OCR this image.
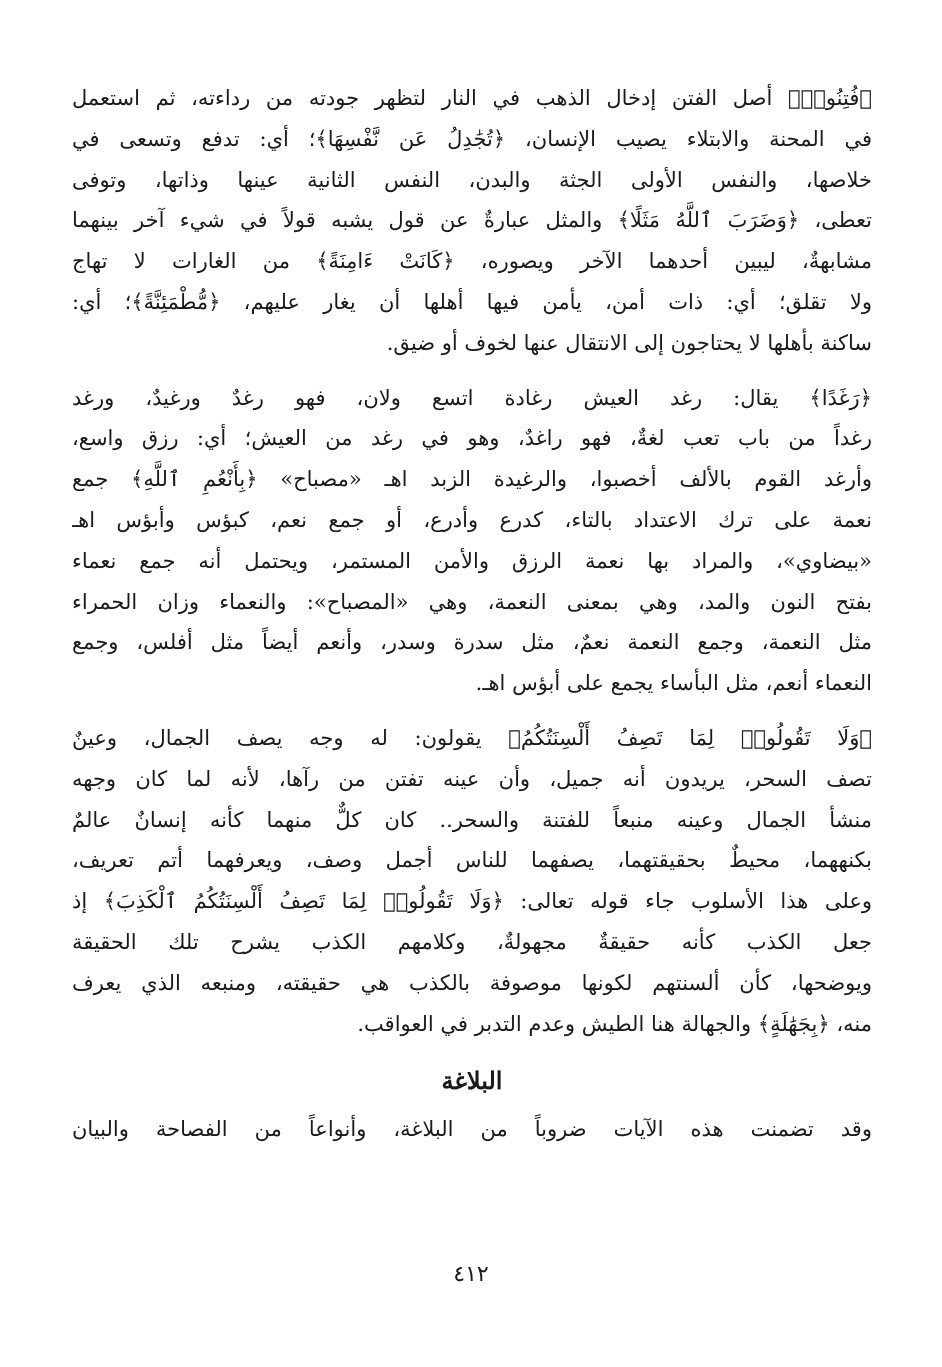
﴿فُتِنُوا۟﴾ أصل الفتن إدخال الذهب في النار لتظهر جودته من رداءته، ثم استعمل
في المحنة والابتلاء يصيب الإنسان، ﴿تُجَٰدِلُ عَن نَّفْسِهَا﴾؛ أي: تدفع وتسعى في
خلاصها، والنفس الأولى الجثة والبدن، النفس الثانية عينها وذاتها، وتوفى
تعطى، ﴿وَضَرَبَ ٱللَّهُ مَثَلًا﴾ والمثل عبارةٌ عن قول يشبه قولاً في شيء آخر بينهما
مشابهةٌ، ليبين أحدهما الآخر ويصوره، ﴿كَانَتْ ءَامِنَةً﴾ من الغارات لا تهاج
ولا تقلق؛ أي: ذات أمن، يأمن فيها أهلها أن يغار عليهم، ﴿مُّطْمَئِنَّةً﴾؛ أي:
ساكنة بأهلها لا يحتاجون إلى الانتقال عنها لخوف أو ضيق.
﴿رَغَدًا﴾ يقال: رغد العيش رغادة اتسع ولان، فهو رغدٌ ورغيدٌ، ورغد
رغداً من باب تعب لغةٌ، فهو راغدٌ، وهو في رغد من العيش؛ أي: رزق واسع،
وأرغد القوم بالألف أخصبوا، والرغيدة الزبد اهـ «مصباح» ﴿بِأَنْعُمِ ٱللَّهِ﴾ جمع
نعمة على ترك الاعتداد بالتاء، كدرع وأدرع، أو جمع نعم، كبؤس وأبؤس اهـ
«بيضاوي»، والمراد بها نعمة الرزق والأمن المستمر، ويحتمل أنه جمع نعماء
بفتح النون والمد، وهي بمعنى النعمة، وهي «المصباح»: والنعماء وزان الحمراء
مثل النعمة، وجمع النعمة نعمٌ، مثل سدرة وسدر، وأنعم أيضاً مثل أفلس، وجمع
النعماء أنعم، مثل البأساء يجمع على أبؤس اهـ.
﴿وَلَا تَقُولُوا۟ لِمَا تَصِفُ أَلْسِنَتُكُمُ﴾ يقولون: له وجه يصف الجمال، وعينٌ
تصف السحر، يريدون أنه جميل، وأن عينه تفتن من رآها، لأنه لما كان وجهه
منشأ الجمال وعينه منبعاً للفتنة والسحر.. كان كلٌّ منهما كأنه إنسانٌ عالمٌ
بكنههما، محيطٌ بحقيقتهما، يصفهما للناس أجمل وصف، ويعرفهما أتم تعريف،
وعلى هذا الأسلوب جاء قوله تعالى: ﴿وَلَا تَقُولُوا۟ لِمَا تَصِفُ أَلْسِنَتُكُمُ ٱلْكَذِبَ﴾ إذ
جعل الكذب كأنه حقيقةٌ مجهولةٌ، وكلامهم الكذب يشرح تلك الحقيقة
ويوضحها، كأن ألسنتهم لكونها موصوفة بالكذب هي حقيقته، ومنبعه الذي يعرف
منه، ﴿بِجَهَٰلَةٍ﴾ والجهالة هنا الطيش وعدم التدبر في العواقب.
البلاغة
وقد تضمنت هذه الآيات ضروباً من البلاغة، وأنواعاً من الفصاحة والبيان
٤١٢
